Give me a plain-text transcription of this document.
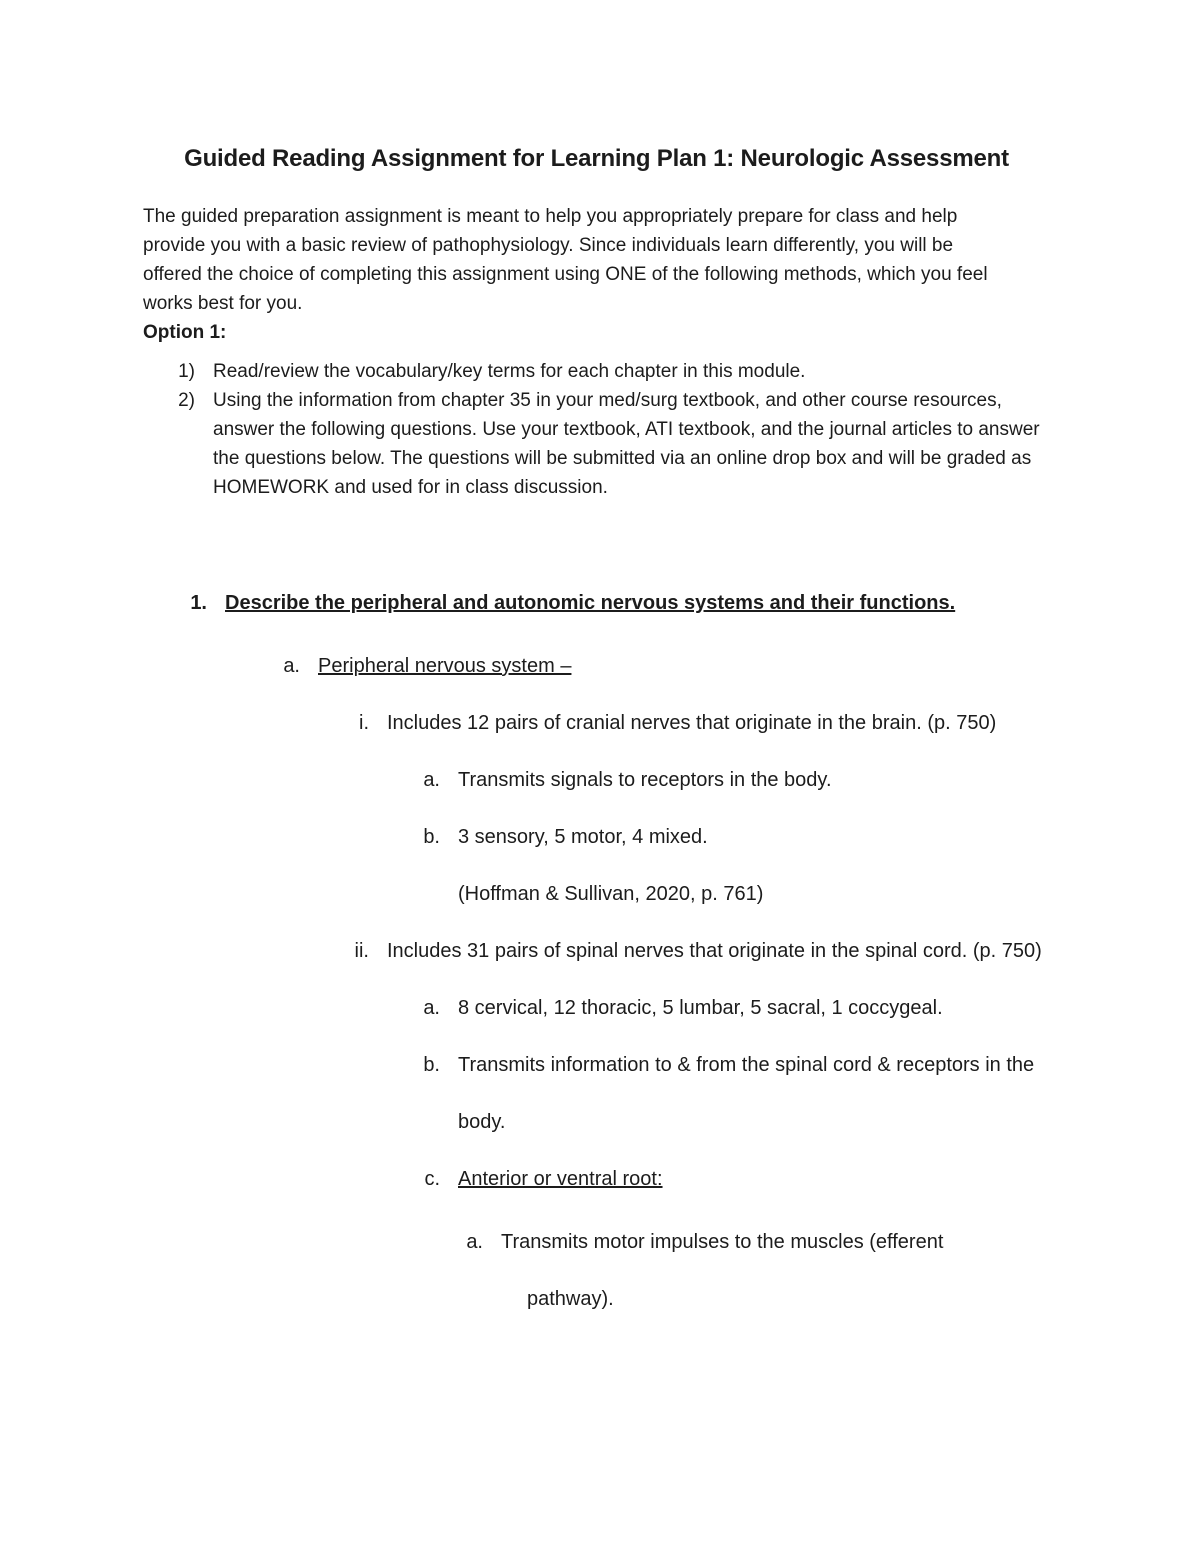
Guided Reading Assignment for Learning Plan 1: Neurologic Assessment

The guided preparation assignment is meant to help you appropriately prepare for class and help provide you with a basic review of pathophysiology. Since individuals learn differently, you will be offered the choice of completing this assignment using ONE of the following methods, which you feel works best for you.

Option 1:

1) Read/review the vocabulary/key terms for each chapter in this module.
2) Using the information from chapter 35 in your med/surg textbook, and other course resources, answer the following questions. Use your textbook, ATI textbook, and the journal articles to answer the questions below. The questions will be submitted via an online drop box and will be graded as HOMEWORK and used for in class discussion.
1. Describe the peripheral and autonomic nervous systems and their functions.
a. Peripheral nervous system –
i. Includes 12 pairs of cranial nerves that originate in the brain. (p. 750)
a. Transmits signals to receptors in the body.
b. 3 sensory, 5 motor, 4 mixed.
(Hoffman & Sullivan, 2020, p. 761)
ii. Includes 31 pairs of spinal nerves that originate in the spinal cord. (p. 750)
a. 8 cervical, 12 thoracic, 5 lumbar, 5 sacral, 1 coccygeal.
b. Transmits information to & from the spinal cord & receptors in the body.
c. Anterior or ventral root:
a. Transmits motor impulses to the muscles (efferent pathway).
